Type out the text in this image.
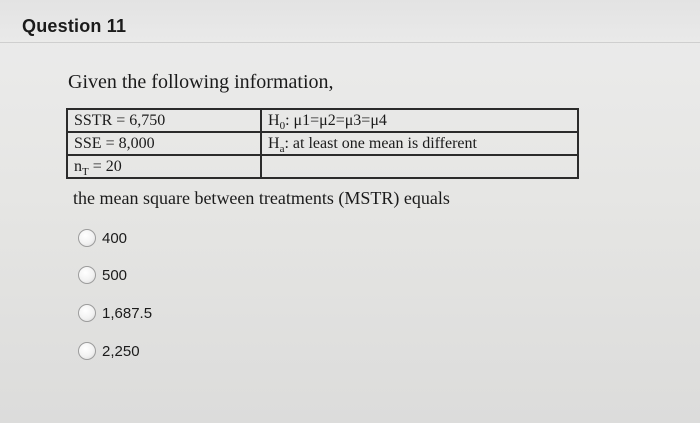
Question 11
Given the following information,
SSTR = 6,750	$H_0$: μ1=μ2=μ3=μ4
SSE = 8,000	$H_a$: at least one mean is different
$n_T = 20$	
the mean square between treatments (MSTR) equals
400
500
1,687.5
2,250
